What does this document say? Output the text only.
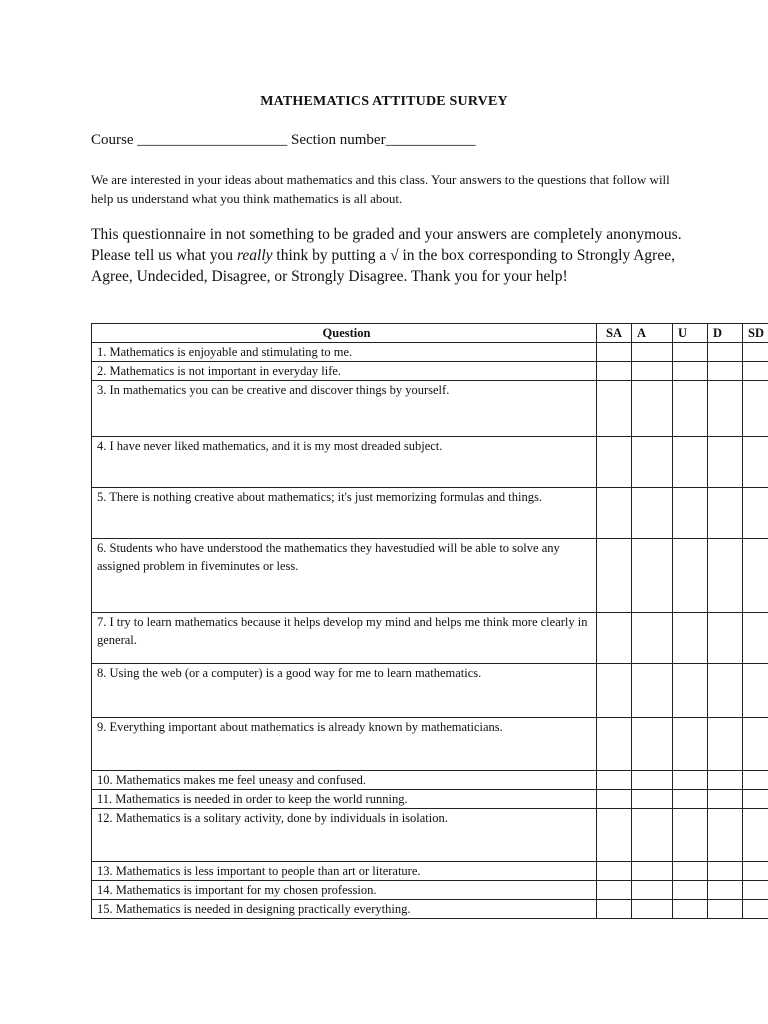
MATHEMATICS ATTITUDE SURVEY
Course ____________________ Section number____________
We are interested in your ideas about mathematics and this class. Your answers to the questions that follow will help us understand what you think mathematics is all about.
This questionnaire in not something to be graded and your answers are completely anonymous. Please tell us what you really think by putting a √ in the box corresponding to Strongly Agree, Agree, Undecided, Disagree, or Strongly Disagree. Thank you for your help!
Question	SA	A	U	D	SD
1. Mathematics is enjoyable and stimulating to me.					
2. Mathematics is not important in everyday life.					
3. In mathematics you can be creative and discover things by yourself.					
4. I have never liked mathematics, and it is my most dreaded subject.					
5. There is nothing creative about mathematics; it's just memorizing formulas and things.					
6. Students who have understood the mathematics they havestudied will be able to solve any assigned problem in fiveminutes or less.					
7. I try to learn mathematics because it helps develop my mind and helps me think more clearly in general.					
8. Using the web (or a computer) is a good way for me to learn mathematics.					
9. Everything important about mathematics is already known by mathematicians.					
10. Mathematics makes me feel uneasy and confused.					
11. Mathematics is needed in order to keep the world running.					
12. Mathematics is a solitary activity, done by individuals in isolation.					
13. Mathematics is less important to people than art or literature.					
14. Mathematics is important for my chosen profession.					
15. Mathematics is needed in designing practically everything.					
